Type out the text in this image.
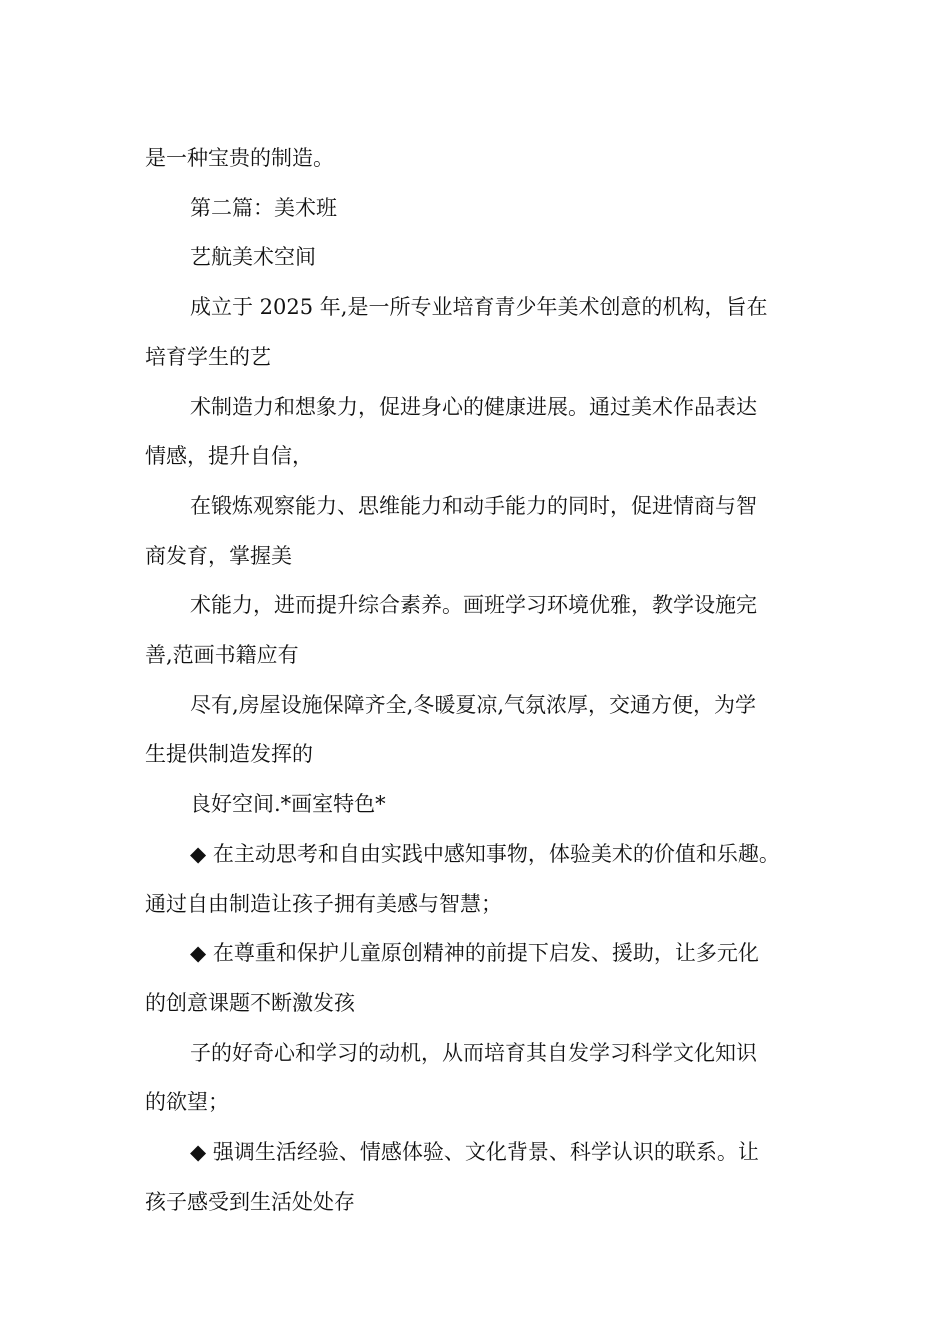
是一种宝贵的制造。

第二篇：美术班

艺航美术空间

成立于 2025 年,是一所专业培育青少年美术创意的机构，旨在

培育学生的艺

术制造力和想象力，促进身心的健康进展。通过美术作品表达

情感，提升自信，

在锻炼观察能力、思维能力和动手能力的同时，促进情商与智

商发育，掌握美

术能力，进而提升综合素养。画班学习环境优雅，教学设施完

善,范画书籍应有

尽有,房屋设施保障齐全,冬暖夏凉,气氛浓厚，交通方便，为学

生提供制造发挥的

良好空间.*画室特色*

◆ 在主动思考和自由实践中感知事物，体验美术的价值和乐趣。

通过自由制造让孩子拥有美感与智慧；

◆ 在尊重和保护儿童原创精神的前提下启发、援助，让多元化

的创意课题不断激发孩

子的好奇心和学习的动机，从而培育其自发学习科学文化知识

的欲望；

◆ 强调生活经验、情感体验、文化背景、科学认识的联系。让

孩子感受到生活处处存
